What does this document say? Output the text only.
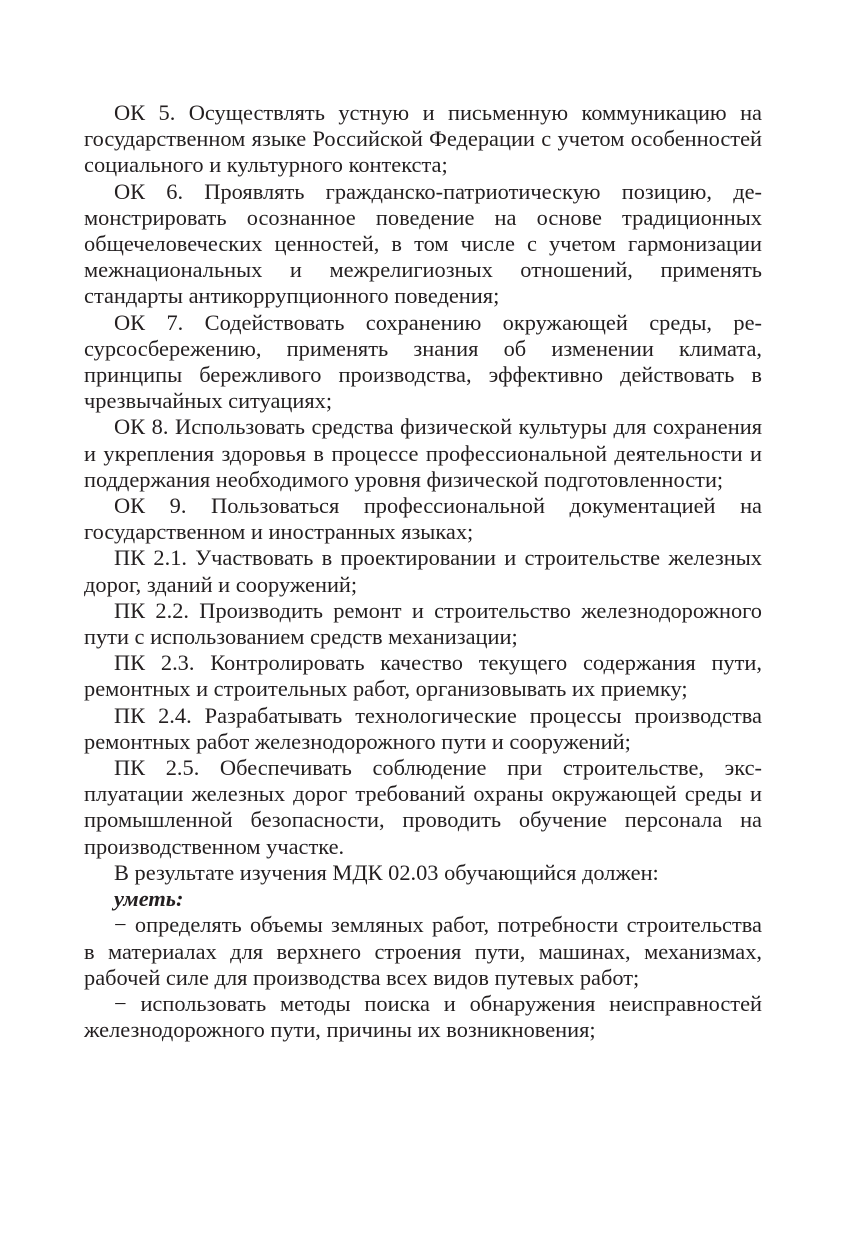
ОК 5. Осуществлять устную и письменную коммуникацию на государственном языке Российской Федерации с учетом особенностей социального и культурного контекста;

ОК 6. Проявлять гражданско-патриотическую позицию, демонстрировать осознанное поведение на основе традиционных общечеловеческих ценностей, в том числе с учетом гармонизации межнациональных и межрелигиозных отношений, применять стандарты антикоррупционного поведения;

ОК 7. Содействовать сохранению окружающей среды, ресурсосбережению, применять знания об изменении климата, принципы бережливого производства, эффективно действовать в чрезвычайных ситуациях;

ОК 8. Использовать средства физической культуры для сохранения и укрепления здоровья в процессе профессиональной деятельности и поддержания необходимого уровня физической подготовленности;

ОК 9. Пользоваться профессиональной документацией на государственном и иностранных языках;

ПК 2.1. Участвовать в проектировании и строительстве железных дорог, зданий и сооружений;

ПК 2.2. Производить ремонт и строительство железнодорожного пути с использованием средств механизации;

ПК 2.3. Контролировать качество текущего содержания пути, ремонтных и строительных работ, организовывать их приемку;

ПК 2.4. Разрабатывать технологические процессы производства ремонтных работ железнодорожного пути и сооружений;

ПК 2.5. Обеспечивать соблюдение при строительстве, эксплуатации железных дорог требований охраны окружающей среды и промышленной безопасности, проводить обучение персонала на производственном участке.

В результате изучения МДК 02.03 обучающийся должен:

уметь:

− определять объемы земляных работ, потребности строительства в материалах для верхнего строения пути, машинах, механизмах, рабочей силе для производства всех видов путевых работ;

− использовать методы поиска и обнаружения неисправностей железнодорожного пути, причины их возникновения;
